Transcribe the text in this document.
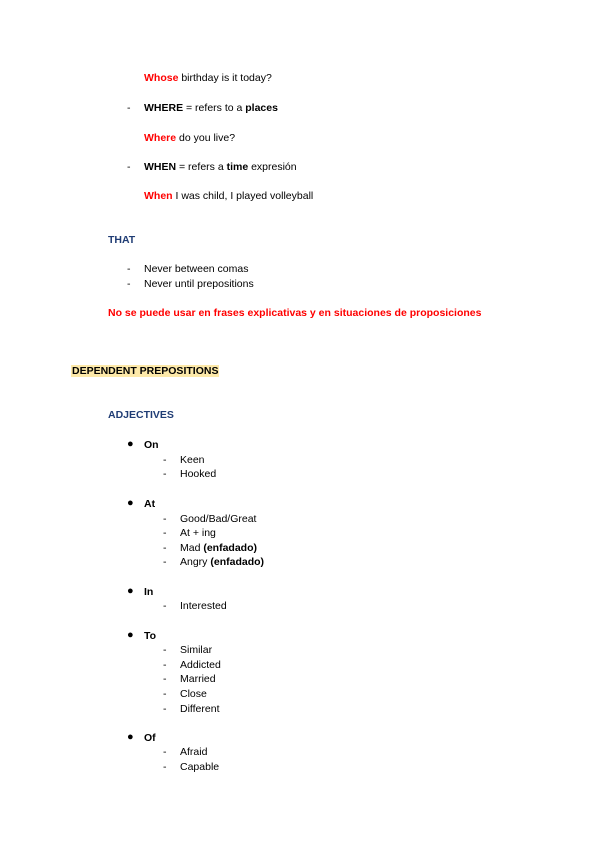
Whose birthday is it today?
- WHERE = refers to a places
Where do you live?
- WHEN = refers a time expresión
When I was child, I played volleyball
THAT
- Never between comas
- Never until prepositions
No se puede usar en frases explicativas y en situaciones de proposiciones
DEPENDENT PREPOSITIONS
ADJECTIVES
● On
- Keen
- Hooked
● At
- Good/Bad/Great
- At + ing
- Mad (enfadado)
- Angry (enfadado)
● In
- Interested
● To
- Similar
- Addicted
- Married
- Close
- Different
● Of
- Afraid
- Capable
